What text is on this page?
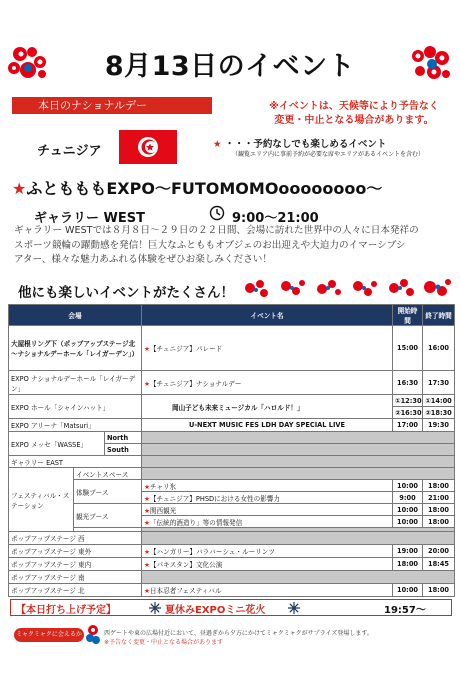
8月13日のイベント
本日のナショナルデー	※イベントは、天候等により予告なく
変更・中止となる場合があります。
チュニジア	★ ・・・予約なしでも楽しめるイベント
（観覧エリア内に事前予約が必要な席やエリアがあるイベントを含む）
★ふともももEXPO～FUTOMOMOoooooooo～
ギャラリー WEST	9:00～21:00
ギャラリー WESTでは８月８日～２９日の２２日間、会場に訪れた世界中の人々に日本発祥の
スポーツ競輪の躍動感を発信！巨大なふとももオブジェのお出迎えや大迫力のイマーシブシ
アター、様々な魅力あふれる体験をぜひお楽しみください！
他にも楽しいイベントがたくさん！
会場			イベント名	開始時間	終了時間
大屋根リング下（ポップアップステージ北～ナショナルデーホール「レイガーデン」）			★【チュニジア】パレード	15:00	16:00
EXPO ナショナルデーホール「レイガーデン」			★【チュニジア】ナショナルデー	16:30	17:30
EXPO ホール「シャインハット」			岡山子ども未来ミュージカル「ハロルド！」	①12:30	①14:00
				②16:30	②18:30
EXPO アリーナ「Matsuri」			U-NEXT MUSIC FES LDH DAY SPECIAL LIVE	17:00	19:30
EXPO メッセ「WASSE」		North			
		South			
ギャラリー EAST					
フェスティバル・ステーション	イベントスペース				
	体験ブース		★チャリ氷	10:00	18:00
			★【チュニジア】PHSDにおける女性の影響力	9:00	21:00
	観光ブース		★関西観光	10:00	18:00
			★「伝統的酒造り」等の情報発信	10:00	18:00

ポップアップステージ 西					
ポップアップステージ 東外			★【ハンガリー】バラバーシュ・ルーリンツ	19:00	20:00
ポップアップステージ 東内			★【パキスタン】文化公演	18:00	18:45
ポップアップステージ 南					
ポップアップステージ 北			★日本忍者フェスティバル	10:00	18:00
【本日打ち上げ予定】	夏休みEXPOミニ花火	19:57～
ミャクミャクに会えるかも!!
西ゲートや東の広場付近において、昼過ぎから夕方にかけてミャクミャクがサプライズ登場します。
※予告なく変更・中止となる場合があります
